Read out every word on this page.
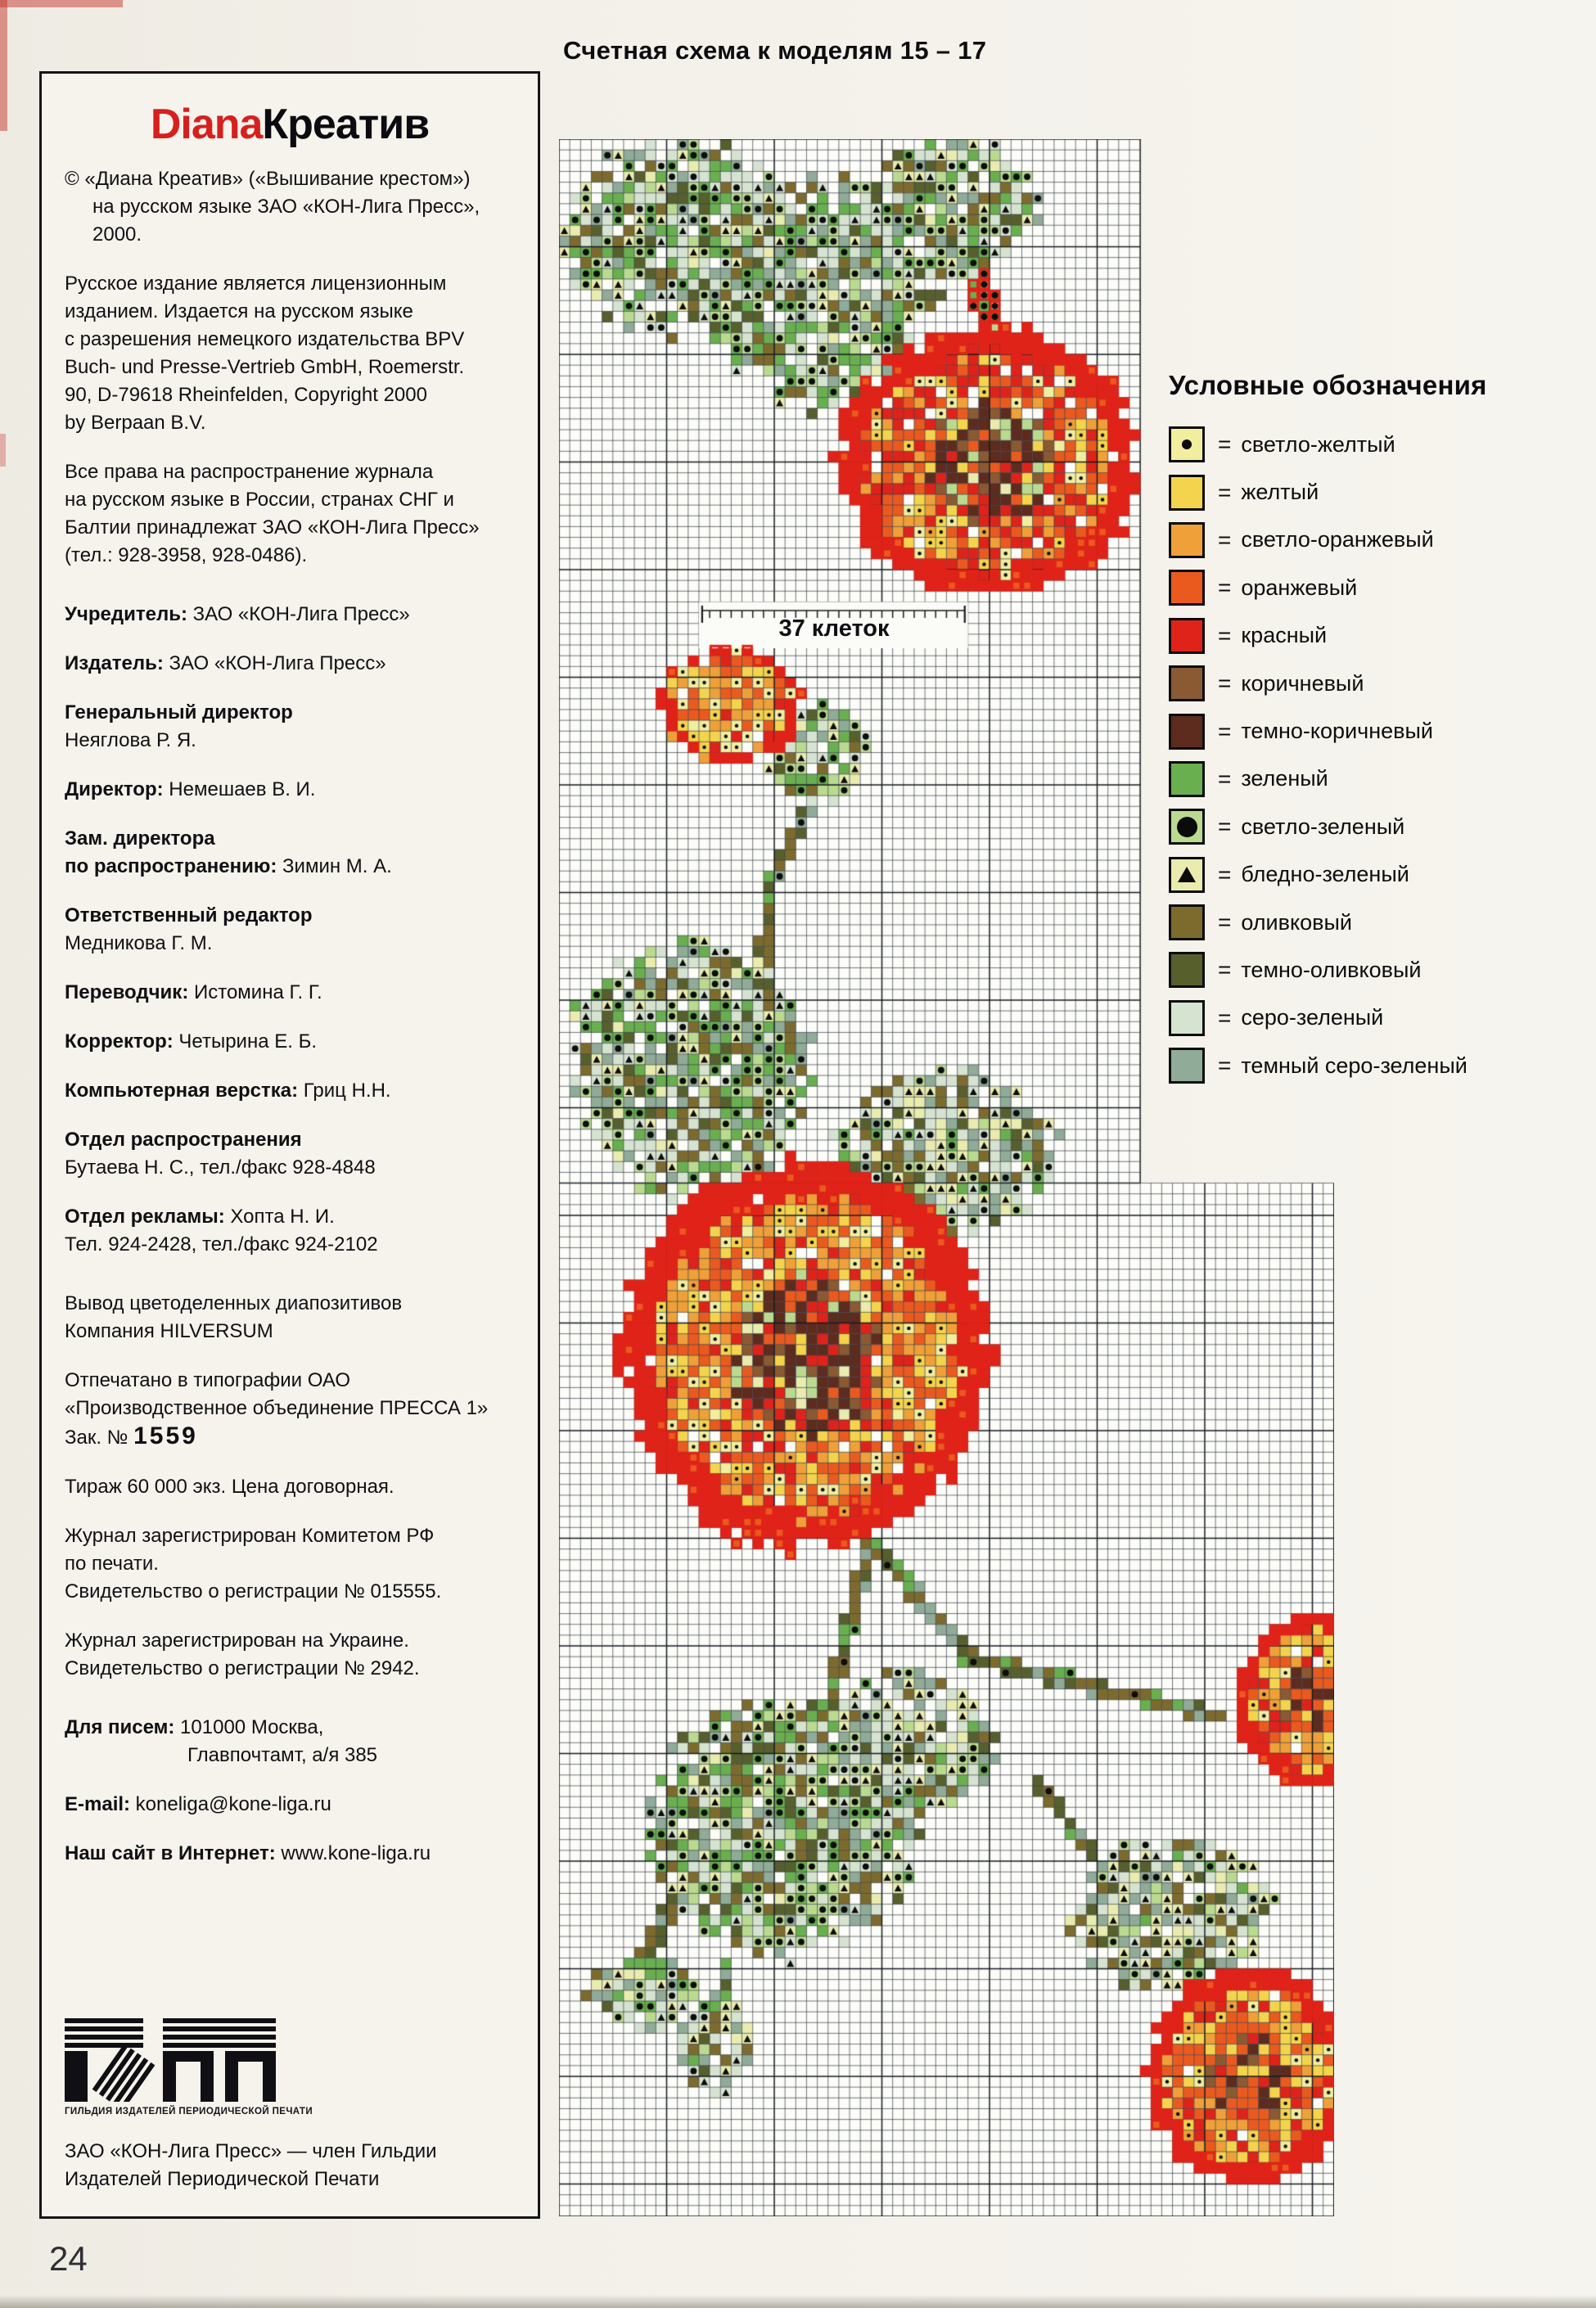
Счетная схема к моделям 15 – 17
DianaКреатив
© «Диана Креатив» («Вышивание крестом»)
на русском языке ЗАО «КОН-Лига Пресс»,
2000.
Русское издание является лицензионным
изданием. Издается на русском языке
с разрешения немецкого издательства BPV
Buch- und Presse-Vertrieb GmbH, Roemerstr.
90, D-79618 Rheinfelden, Copyright 2000
by Berpaan B.V.
Все права на распространение журнала
на русском языке в России, странах СНГ и
Балтии принадлежат ЗАО «КОН-Лига Пресс»
(тел.: 928-3958, 928-0486).
Учредитель: ЗАО «КОН-Лига Пресс»
Издатель: ЗАО «КОН-Лига Пресс»
Генеральный директор
Неяглова Р. Я.
Директор: Немешаев В. И.
Зам. директора
по распространению: Зимин М. А.
Ответственный редактор
Медникова Г. М.
Переводчик: Истомина Г. Г.
Корректор: Четырина Е. Б.
Компьютерная верстка: Гриц Н.Н.
Отдел распространения
Бутаева Н. С., тел./факс 928-4848
Отдел рекламы: Хопта Н. И.
Тел. 924-2428, тел./факс 924-2102
Вывод цветоделенных диапозитивов
Компания HILVERSUM
Отпечатано в типографии ОАО
«Производственное объединение ПРЕССА 1»
Зак. № 1559
Тираж 60 000 экз. Цена договорная.
Журнал зарегистрирован Комитетом РФ
по печати.
Свидетельство о регистрации № 015555.
Журнал зарегистрирован на Украине.
Свидетельство о регистрации № 2942.
Для писем: 101000 Москва,
Главпочтамт, а/я 385
E-mail: koneliga@kone-liga.ru
Наш сайт в Интернет: www.kone-liga.ru
ГИЛЬДИЯ ИЗДАТЕЛЕЙ ПЕРИОДИЧЕСКОЙ ПЕЧАТИ
ЗАО «КОН-Лига Пресс» — член Гильдии
Издателей Периодической Печати
37 клеток
Условные обозначения
= светло-желтый
= желтый
= светло-оранжевый
= оранжевый
= красный
= коричневый
= темно-коричневый
= зеленый
= светло-зеленый
= бледно-зеленый
= оливковый
= темно-оливковый
= серо-зеленый
= темный серо-зеленый
24
